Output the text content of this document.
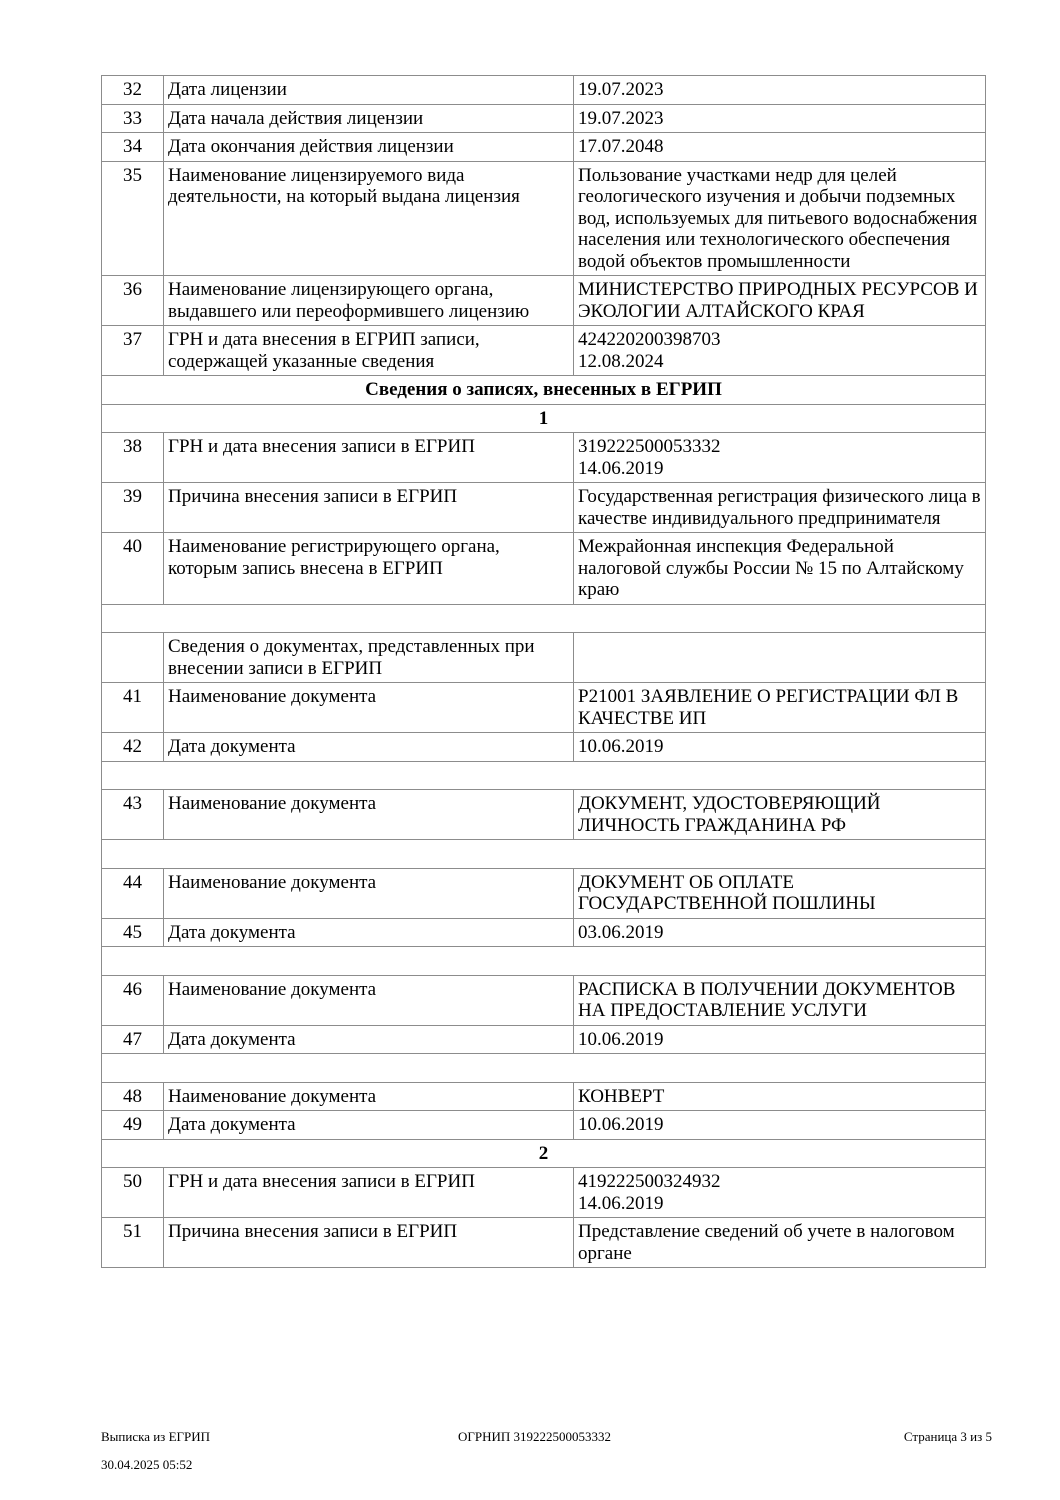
32	Дата лицензии	19.07.2023
33	Дата начала действия лицензии	19.07.2023
34	Дата окончания действия лицензии	17.07.2048
35	Наименование лицензируемого вида деятельности, на который выдана лицензия	Пользование участками недр для целей геологического изучения и добычи подземных вод, используемых для питьевого водоснабжения населения или технологического обеспечения водой объектов промышленности
36	Наименование лицензирующего органа, выдавшего или переоформившего лицензию	МИНИСТЕРСТВО ПРИРОДНЫХ РЕСУРСОВ И ЭКОЛОГИИ АЛТАЙСКОГО КРАЯ
37	ГРН и дата внесения в ЕГРИП записи, содержащей указанные сведения	424220200398703
12.08.2024
Сведения о записях, внесенных в ЕГРИП		
1		
38	ГРН и дата внесения записи в ЕГРИП	319222500053332
14.06.2019
39	Причина внесения записи в ЕГРИП	Государственная регистрация физического лица в качестве индивидуального предпринимателя
40	Наименование регистрирующего органа, которым запись внесена в ЕГРИП	Межрайонная инспекция Федеральной налоговой службы России № 15 по Алтайскому краю

	Сведения о документах, представленных при внесении записи в ЕГРИП	
41	Наименование документа	Р21001 ЗАЯВЛЕНИЕ О РЕГИСТРАЦИИ ФЛ В КАЧЕСТВЕ ИП
42	Дата документа	10.06.2019

43	Наименование документа	ДОКУМЕНТ, УДОСТОВЕРЯЮЩИЙ ЛИЧНОСТЬ ГРАЖДАНИНА РФ

44	Наименование документа	ДОКУМЕНТ ОБ ОПЛАТЕ ГОСУДАРСТВЕННОЙ ПОШЛИНЫ
45	Дата документа	03.06.2019

46	Наименование документа	РАСПИСКА В ПОЛУЧЕНИИ ДОКУМЕНТОВ НА ПРЕДОСТАВЛЕНИЕ УСЛУГИ
47	Дата документа	10.06.2019

48	Наименование документа	КОНВЕРТ
49	Дата документа	10.06.2019
2		
50	ГРН и дата внесения записи в ЕГРИП	419222500324932
14.06.2019
51	Причина внесения записи в ЕГРИП	Представление сведений об учете в налоговом органе

Выписка из ЕГРИП

30.04.2025 05:52

ОГРНИП 319222500053332	Страница 3 из 5
